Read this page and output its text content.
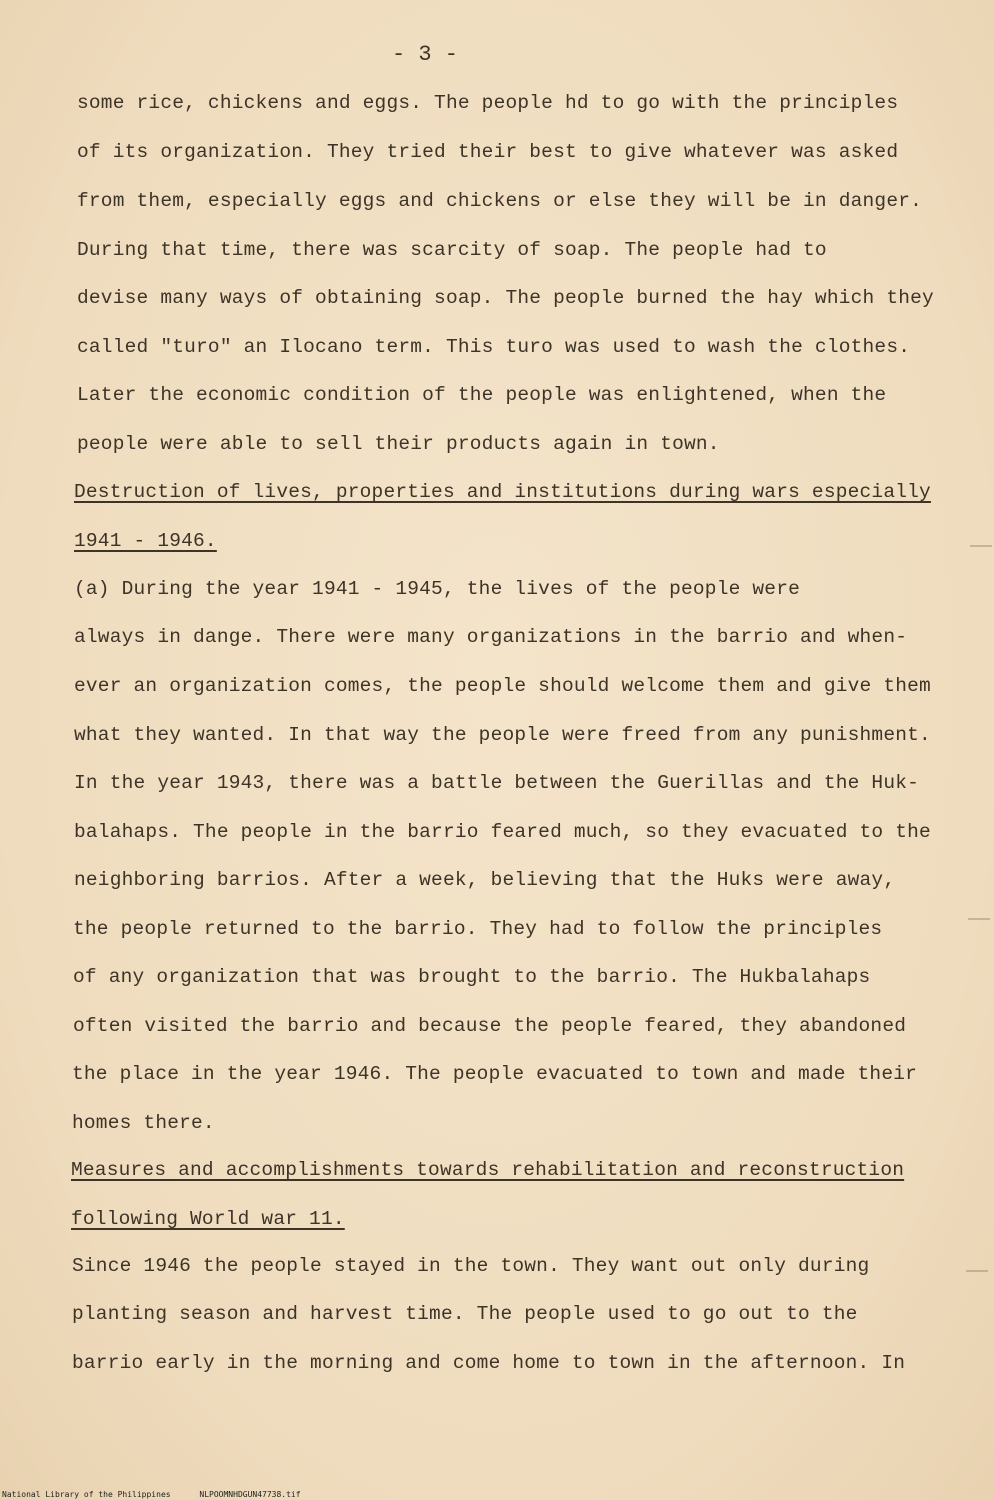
- 3 -
some rice, chickens and eggs. The people hd to go with the principles
of its organization. They tried their best to give whatever was asked
from them, especially eggs and chickens or else they will be in danger.
During that time, there was scarcity of soap. The people had to
devise many ways of obtaining soap. The people burned the hay which they
called "turo" an Ilocano term. This turo was used to wash the clothes.
Later the economic condition of the people was enlightened, when the
people were able to sell their products again in town.
Destruction of lives, properties and institutions during wars especially
1941 - 1946.
(a) During the year 1941 - 1945, the lives of the people were
always in dange. There were many organizations in the barrio and when-
ever an organization comes, the people should welcome them and give them
what they wanted. In that way the people were freed from any punishment.
In the year 1943, there was a battle between the Guerillas and the Huk-
balahaps. The people in the barrio feared much, so they evacuated to the
neighboring barrios. After a week, believing that the Huks were away,
the people returned to the barrio. They had to follow the principles
of any organization that was brought to the barrio. The Hukbalahaps
often visited the barrio and because the people feared, they abandoned
the place in the year 1946. The people evacuated to town and made their
homes there.
Measures and accomplishments towards rehabilitation and reconstruction
following World war 11.
Since 1946 the people stayed in the town. They want out only during
planting season and harvest time. The people used to go out to the
barrio early in the morning and come home to town in the afternoon. In
National Library of the Philippines	NLPOOMNHDGUN47738.tif
